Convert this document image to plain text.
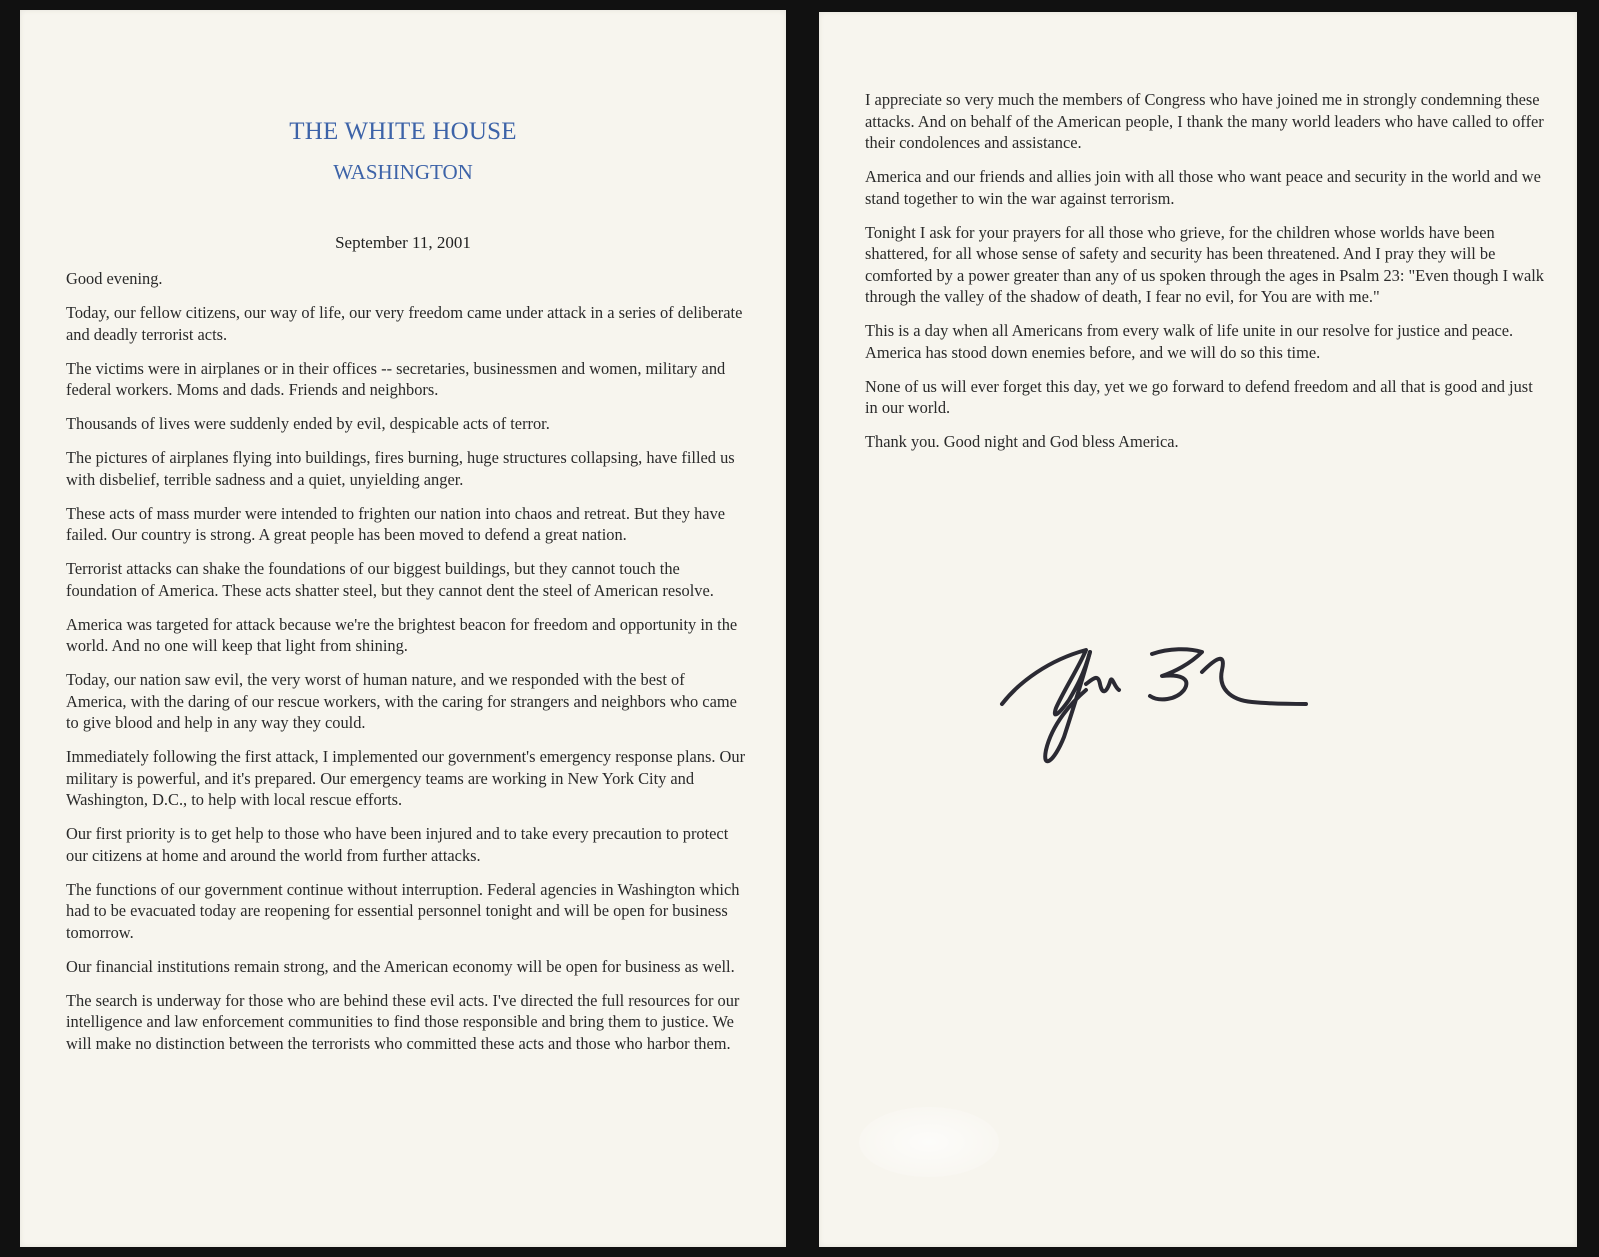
THE WHITE HOUSE
WASHINGTON
September 11, 2001

Good evening.

Today, our fellow citizens, our way of life, our very freedom came under attack in a series of deliberate and deadly terrorist acts.

The victims were in airplanes or in their offices -- secretaries, businessmen and women, military and federal workers. Moms and dads. Friends and neighbors.

Thousands of lives were suddenly ended by evil, despicable acts of terror.

The pictures of airplanes flying into buildings, fires burning, huge structures collapsing, have filled us with disbelief, terrible sadness and a quiet, unyielding anger.

These acts of mass murder were intended to frighten our nation into chaos and retreat. But they have failed. Our country is strong. A great people has been moved to defend a great nation.

Terrorist attacks can shake the foundations of our biggest buildings, but they cannot touch the foundation of America. These acts shatter steel, but they cannot dent the steel of American resolve.

America was targeted for attack because we're the brightest beacon for freedom and opportunity in the world. And no one will keep that light from shining.

Today, our nation saw evil, the very worst of human nature, and we responded with the best of America, with the daring of our rescue workers, with the caring for strangers and neighbors who came to give blood and help in any way they could.

Immediately following the first attack, I implemented our government's emergency response plans. Our military is powerful, and it's prepared. Our emergency teams are working in New York City and Washington, D.C., to help with local rescue efforts.

Our first priority is to get help to those who have been injured and to take every precaution to protect our citizens at home and around the world from further attacks.

The functions of our government continue without interruption. Federal agencies in Washington which had to be evacuated today are reopening for essential personnel tonight and will be open for business tomorrow.

Our financial institutions remain strong, and the American economy will be open for business as well.

The search is underway for those who are behind these evil acts. I've directed the full resources for our intelligence and law enforcement communities to find those responsible and bring them to justice. We will make no distinction between the terrorists who committed these acts and those who harbor them.

I appreciate so very much the members of Congress who have joined me in strongly condemning these attacks. And on behalf of the American people, I thank the many world leaders who have called to offer their condolences and assistance.

America and our friends and allies join with all those who want peace and security in the world and we stand together to win the war against terrorism.

Tonight I ask for your prayers for all those who grieve, for the children whose worlds have been shattered, for all whose sense of safety and security has been threatened. And I pray they will be comforted by a power greater than any of us spoken through the ages in Psalm 23: "Even though I walk through the valley of the shadow of death, I fear no evil, for You are with me."

This is a day when all Americans from every walk of life unite in our resolve for justice and peace. America has stood down enemies before, and we will do so this time.

None of us will ever forget this day, yet we go forward to defend freedom and all that is good and just in our world.

Thank you. Good night and God bless America.
